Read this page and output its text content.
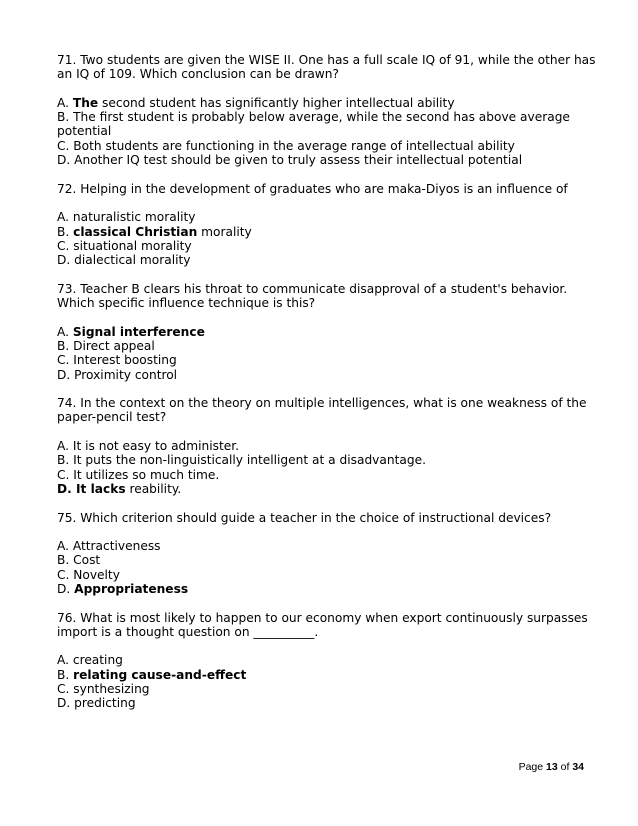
71. Two students are given the WISE II. One has a full scale IQ of 91, while the other has an IQ of 109. Which conclusion can be drawn?
A. The second student has significantly higher intellectual ability
B. The first student is probably below average, while the second has above average potential
C. Both students are functioning in the average range of intellectual ability
D. Another IQ test should be given to truly assess their intellectual potential
72. Helping in the development of graduates who are maka-Diyos is an influence of
A. naturalistic morality
B. classical Christian morality
C. situational morality
D. dialectical morality
73. Teacher B clears his throat to communicate disapproval of a student's behavior. Which specific influence technique is this?
A. Signal interference
B. Direct appeal
C. Interest boosting
D. Proximity control
74. In the context on the theory on multiple intelligences, what is one weakness of the paper-pencil test?
A. It is not easy to administer.
B. It puts the non-linguistically intelligent at a disadvantage.
C. It utilizes so much time.
D. It lacks reability.
75. Which criterion should guide a teacher in the choice of instructional devices?
A. Attractiveness
B. Cost
C. Novelty
D. Appropriateness
76. What is most likely to happen to our economy when export continuously surpasses import is a thought question on __________.
A. creating
B. relating cause-and-effect
C. synthesizing
D. predicting
Page 13 of 34
